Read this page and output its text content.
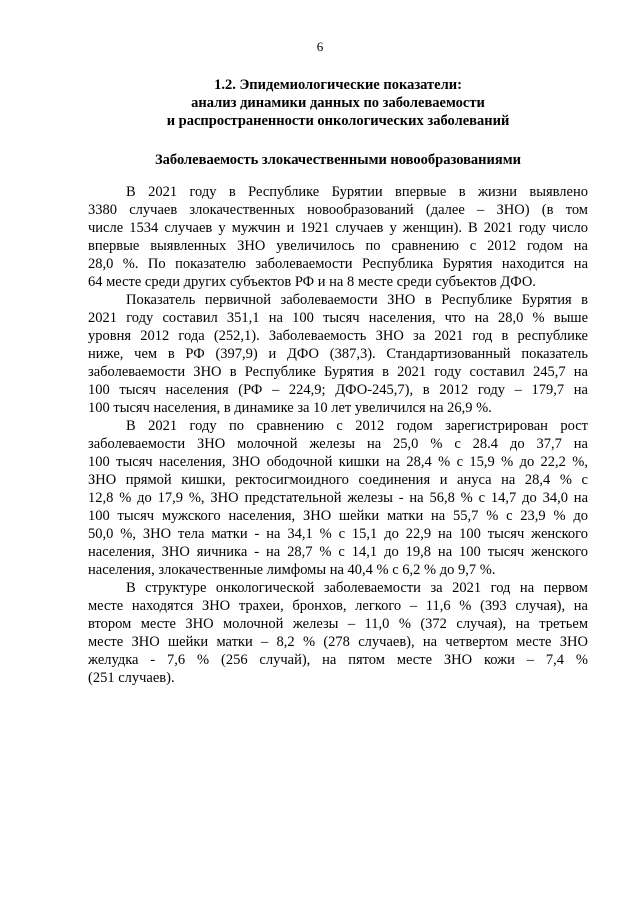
6
1.2. Эпидемиологические показатели:
анализ динамики данных по заболеваемости
и распространенности онкологических заболеваний
Заболеваемость злокачественными новообразованиями

В 2021 году в Республике Бурятии впервые в жизни выявлено
3380 случаев злокачественных новообразований (далее – ЗНО) (в том
числе 1534 случаев у мужчин и 1921 случаев у женщин). В 2021 году число
впервые выявленных ЗНО увеличилось по сравнению с 2012 годом на
28,0 %. По показателю заболеваемости Республика Бурятия находится на
64 месте среди других субъектов РФ и на 8 месте среди субъектов ДФО.

Показатель первичной заболеваемости ЗНО в Республике Бурятия в
2021 году составил 351,1 на 100 тысяч населения, что на 28,0 % выше
уровня 2012 года (252,1). Заболеваемость ЗНО за 2021 год в республике
ниже, чем в РФ (397,9) и ДФО (387,3). Стандартизованный показатель
заболеваемости ЗНО в Республике Бурятия в 2021 году составил 245,7 на
100 тысяч населения (РФ – 224,9; ДФО-245,7), в 2012 году – 179,7 на
100 тысяч населения, в динамике за 10 лет увеличился на 26,9 %.

В 2021 году по сравнению с 2012 годом зарегистрирован рост
заболеваемости ЗНО молочной железы на 25,0 % с 28.4 до 37,7 на
100 тысяч населения, ЗНО ободочной кишки на 28,4 % с 15,9 % до 22,2 %,
ЗНО прямой кишки, ректосигмоидного соединения и ануса на 28,4 % с
12,8 % до 17,9 %, ЗНО предстательной железы - на 56,8 % с 14,7 до 34,0 на
100 тысяч мужского населения, ЗНО шейки матки на 55,7 % с 23,9 % до
50,0 %, ЗНО тела матки - на 34,1 % с 15,1 до 22,9 на 100 тысяч женского
населения, ЗНО яичника - на 28,7 % с 14,1 до 19,8 на 100 тысяч женского
населения, злокачественные лимфомы на 40,4 % с 6,2 % до 9,7 %.

В структуре онкологической заболеваемости за 2021 год на первом
месте находятся ЗНО трахеи, бронхов, легкого – 11,6 % (393 случая), на
втором месте ЗНО молочной железы – 11,0 % (372 случая), на третьем
месте ЗНО шейки матки – 8,2 % (278 случаев), на четвертом месте ЗНО
желудка - 7,6 % (256 случай), на пятом месте ЗНО кожи – 7,4 %
(251 случаев).
